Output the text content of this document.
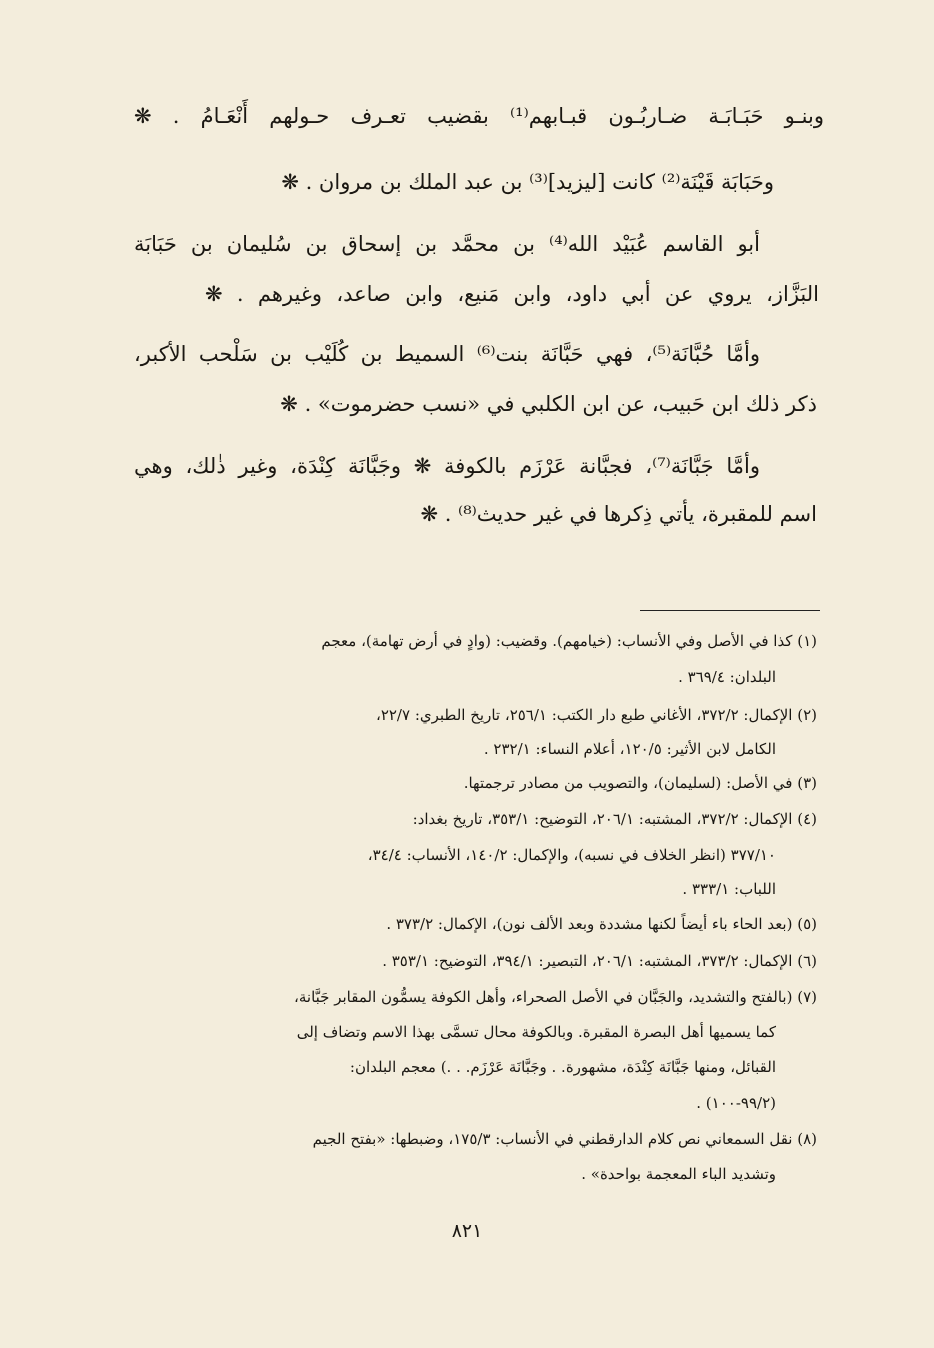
وبنـو حَبَـابَـة ضـاربُـون قبـابهم⁽¹⁾ بقضيب تعـرف حـولهم أَنْعَـامُ . ❋

وحَبَابَة قَيْنَة⁽²⁾ كانت [ليزيد]⁽³⁾ بن عبد الملك بن مروان . ❋

أبو القاسم عُبَيْد الله⁽⁴⁾ بن محمَّد بن إسحاق بن سُليمان بن حَبَابَة

البَزَّاز، يروي عن أبي داود، وابن مَنيع، وابن صاعد، وغيرهم . ❋

وأمَّا حُبَّانَة⁽⁵⁾، فهي حَبَّانَة بنت⁽⁶⁾ السميط بن كُلَيْب بن سَلْحب الأكبر،

ذكر ذلك ابن حَبيب، عن ابن الكلبي في «نسب حضرموت» . ❋

وأمَّا جَبَّانَة⁽⁷⁾، فجبَّانة عَرْزَم بالكوفة ❋ وجَبَّانَة كِنْدَة، وغير ذٰلك، وهي

اسم للمقبرة، يأتي ذِكرها في غير حديث⁽⁸⁾ . ❋

(١) كذا في الأصل وفي الأنساب: (خيامهم). وقضيب: (وادٍ في أرض تهامة)، معجم

البلدان: ٣٦٩/٤ .

(٢) الإكمال: ٣٧٢/٢، الأغاني طبع دار الكتب: ٢٥٦/١، تاريخ الطبري: ٢٢/٧،

الكامل لابن الأثير: ١٢٠/٥، أعلام النساء: ٢٣٢/١ .

(٣) في الأصل: (لسليمان)، والتصويب من مصادر ترجمتها.

(٤) الإكمال: ٣٧٢/٢، المشتبه: ٢٠٦/١، التوضيح: ٣٥٣/١، تاريخ بغداد:

٣٧٧/١٠ (انظر الخلاف في نسبه)، والإكمال: ١٤٠/٢، الأنساب: ٣٤/٤،

اللباب: ٣٣٣/١ .

(٥) (بعد الحاء باء أيضاً لكنها مشددة وبعد الألف نون)، الإكمال: ٣٧٣/٢ .

(٦) الإكمال: ٣٧٣/٢، المشتبه: ٢٠٦/١، التبصير: ٣٩٤/١، التوضيح: ٣٥٣/١ .

(٧) (بالفتح والتشديد، والجَبَّان في الأصل الصحراء، وأهل الكوفة يسمُّون المقابر جَبَّانة،

كما يسميها أهل البصرة المقبرة. وبالكوفة محال تسمَّى بهذا الاسم وتضاف إلى

القبائل، ومنها جَبَّانَة كِنْدَة، مشهورة. . وجَبَّانَة عَرْزَم. . .) معجم البلدان:

(٩٩/٢-١٠٠) .

(٨) نقل السمعاني نص كلام الدارقطني في الأنساب: ١٧٥/٣، وضبطها: «بفتح الجيم

وتشديد الباء المعجمة بواحدة» .

٨٢١
